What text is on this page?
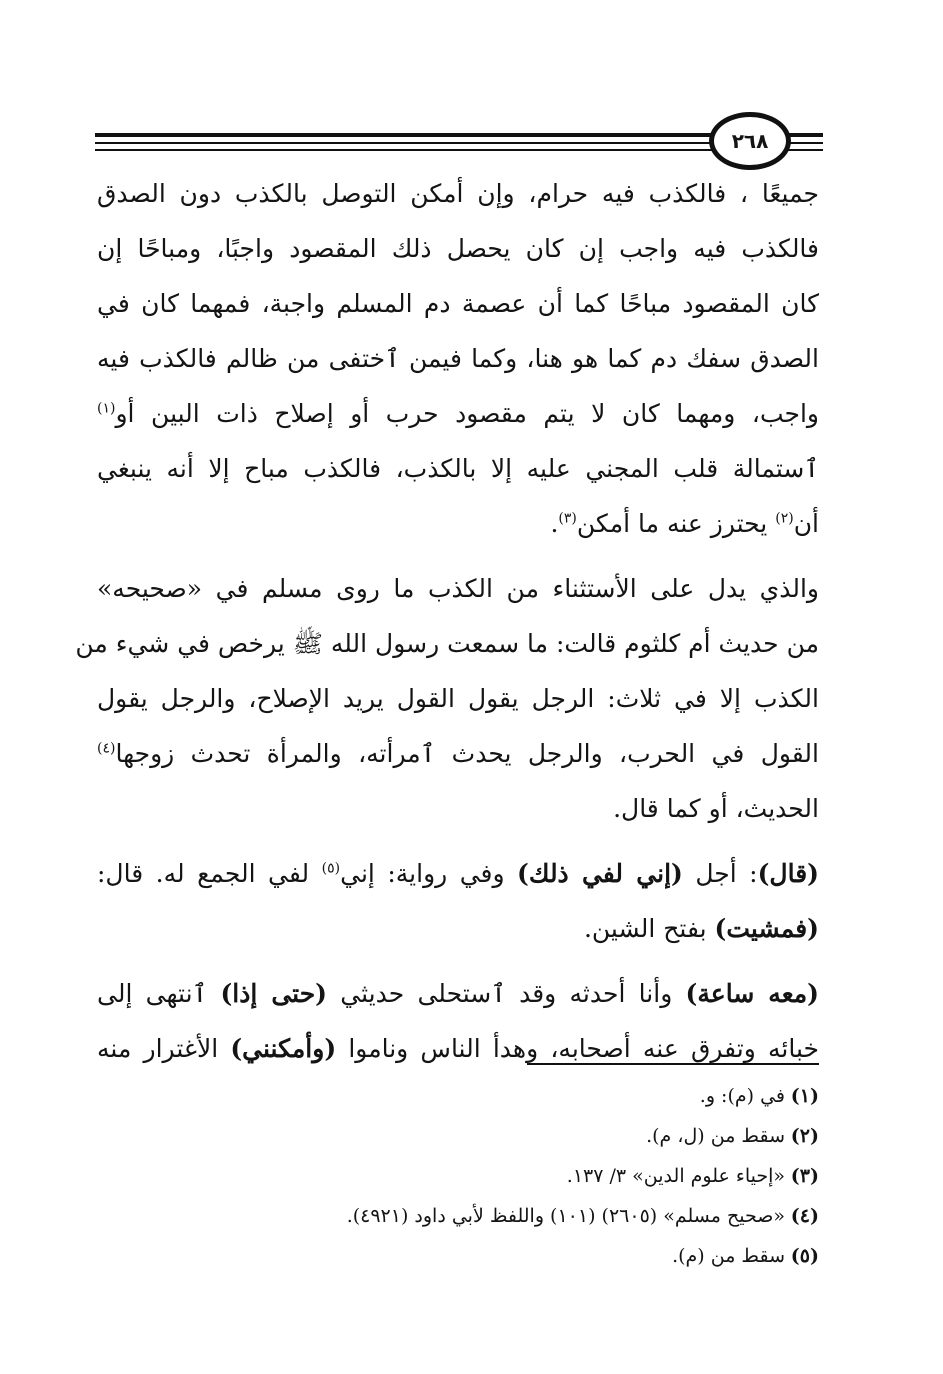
٢٦٨
جميعًا ، فالكذب فيه حرام، وإن أمكن التوصل بالكذب دون الصدق
فالكذب فيه واجب إن كان يحصل ذلك المقصود واجبًا، ومباحًا إن
كان المقصود مباحًا كما أن عصمة دم المسلم واجبة، فمهما كان في
الصدق سفك دم كما هو هنا، وكما فيمن ٱختفى من ظالم فالكذب فيه
واجب، ومهما كان لا يتم مقصود حرب أو إصلاح ذات البين أو$^{(١)}$
ٱستمالة قلب المجني عليه إلا بالكذب، فالكذب مباح إلا أنه ينبغي
أن$^{(٢)}$ يحترز عنه ما أمكن$^{(٣)}$.
والذي يدل على الأستثناء من الكذب ما روى مسلم في «صحيحه»
من حديث أم كلثوم قالت: ما سمعت رسول الله ﷺ يرخص في شيء من
الكذب إلا في ثلاث: الرجل يقول القول يريد الإصلاح، والرجل يقول
القول في الحرب، والرجل يحدث ٱمرأته، والمرأة تحدث زوجها$^{(٤)}$
الحديث، أو كما قال.
(قال): أجل (إني لفي ذلك) وفي رواية: إني$^{(٥)}$ لفي الجمع له. قال:
(فمشيت) بفتح الشين.
(معه ساعة) وأنا أحدثه وقد ٱستحلى حديثي (حتى إذا) ٱنتهى إلى
خبائه وتفرق عنه أصحابه، وهدأ الناس وناموا (وأمكنني) الأغترار منه
(١)في (م): و.
(٢)سقط من (ل، م).
(٣)«إحياء علوم الدين» ٣/ ١٣٧.
(٤)«صحيح مسلم» (٢٦٠٥) (١٠١) واللفظ لأبي داود (٤٩٢١).
(٥)سقط من (م).
